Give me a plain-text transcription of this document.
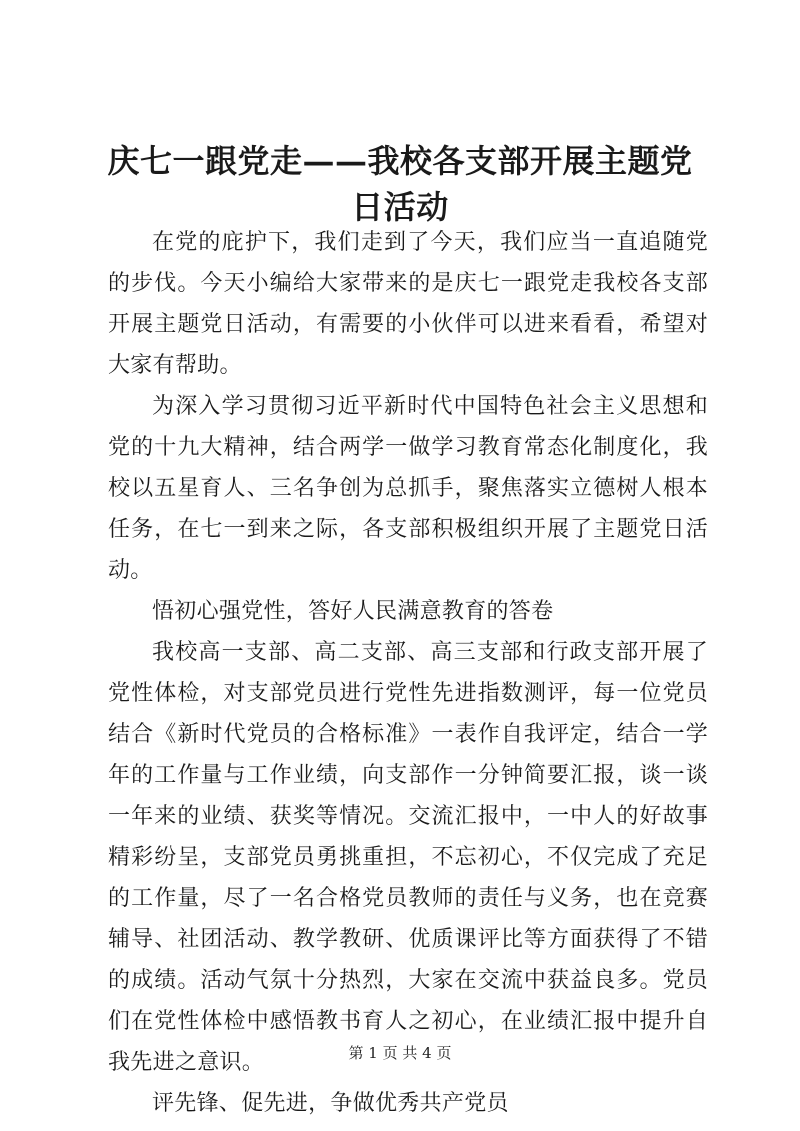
庆七一跟党走——我校各支部开展主题党日活动

在党的庇护下，我们走到了今天，我们应当一直追随党的步伐。今天小编给大家带来的是庆七一跟党走我校各支部开展主题党日活动，有需要的小伙伴可以进来看看，希望对大家有帮助。

为深入学习贯彻习近平新时代中国特色社会主义思想和党的十九大精神，结合两学一做学习教育常态化制度化，我校以五星育人、三名争创为总抓手，聚焦落实立德树人根本任务，在七一到来之际，各支部积极组织开展了主题党日活动。

悟初心强党性，答好人民满意教育的答卷

我校高一支部、高二支部、高三支部和行政支部开展了党性体检，对支部党员进行党性先进指数测评，每一位党员结合《新时代党员的合格标准》一表作自我评定，结合一学年的工作量与工作业绩，向支部作一分钟简要汇报，谈一谈一年来的业绩、获奖等情况。交流汇报中，一中人的好故事精彩纷呈，支部党员勇挑重担，不忘初心，不仅完成了充足的工作量，尽了一名合格党员教师的责任与义务，也在竞赛辅导、社团活动、教学教研、优质课评比等方面获得了不错的成绩。活动气氛十分热烈，大家在交流中获益良多。党员们在党性体检中感悟教书育人之初心，在业绩汇报中提升自我先进之意识。

评先锋、促先进，争做优秀共产党员

第 1 页 共 4 页
